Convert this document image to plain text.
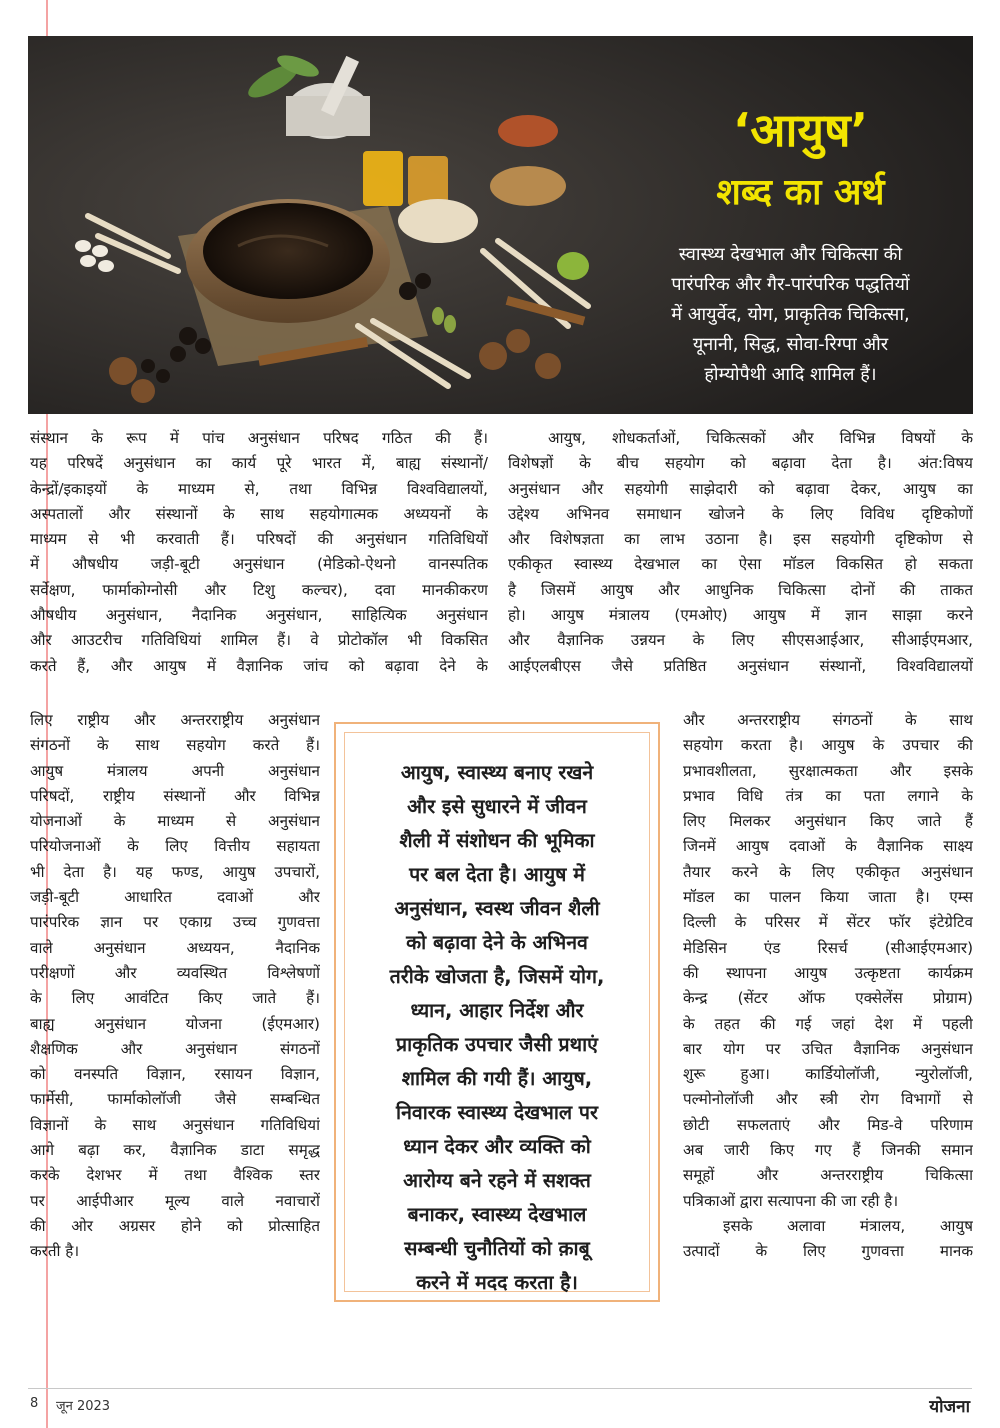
‘आयुष’
शब्द का अर्थ
स्वास्थ्य देखभाल और चिकित्सा की
पारंपरिक और गैर-पारंपरिक पद्धतियों
में आयुर्वेद, योग, प्राकृतिक चिकित्सा,
यूनानी, सिद्ध, सोवा-रिग्पा और
होम्योपैथी आदि शामिल हैं।
संस्थान के रूप में पांच अनुसंधान परिषद गठित की हैं।
यह परिषदें अनुसंधान का कार्य पूरे भारत में, बाह्य संस्थानों/
केन्द्रों/इकाइयों के माध्यम से, तथा विभिन्न विश्वविद्यालयों,
अस्पतालों और संस्थानों के साथ सहयोगात्मक अध्ययनों के
माध्यम से भी करवाती हैं। परिषदों की अनुसंधान गतिविधियों
में औषधीय जड़ी-बूटी अनुसंधान (मेडिको-ऐथनो वानस्पतिक
सर्वेक्षण, फार्माकोग्नोसी और टिशु कल्चर), दवा मानकीकरण
औषधीय अनुसंधान, नैदानिक अनुसंधान, साहित्यिक अनुसंधान
और आउटरीच गतिविधियां शामिल हैं। वे प्रोटोकॉल भी विकसित
करते हैं, और आयुष में वैज्ञानिक जांच को बढ़ावा देने के
लिए राष्ट्रीय और अन्तरराष्ट्रीय अनुसंधान
संगठनों के साथ सहयोग करते हैं।
आयुष मंत्रालय अपनी अनुसंधान
परिषदों, राष्ट्रीय संस्थानों और विभिन्न
योजनाओं के माध्यम से अनुसंधान
परियोजनाओं के लिए वित्तीय सहायता
भी देता है। यह फण्ड, आयुष उपचारों,
जड़ी-बूटी आधारित दवाओं और
पारंपरिक ज्ञान पर एकाग्र उच्च गुणवत्ता
वाले अनुसंधान अध्ययन, नैदानिक
परीक्षणों और व्यवस्थित विश्लेषणों
के लिए आवंटित किए जाते हैं।
बाह्य अनुसंधान योजना (ईएमआर)
शैक्षणिक और अनुसंधान संगठनों
को वनस्पति विज्ञान, रसायन विज्ञान,
फार्मेसी, फार्माकोलॉजी जैसे सम्बन्धित
विज्ञानों के साथ अनुसंधान गतिविधियां
आगे बढ़ा कर, वैज्ञानिक डाटा समृद्ध
करके देशभर में तथा वैश्विक स्तर
पर आईपीआर मूल्य वाले नवाचारों
की ओर अग्रसर होने को प्रोत्साहित
करती है।
आयुष, शोधकर्ताओं, चिकित्सकों और विभिन्न विषयों के
विशेषज्ञों के बीच सहयोग को बढ़ावा देता है। अंत:विषय
अनुसंधान और सहयोगी साझेदारी को बढ़ावा देकर, आयुष का
उद्देश्य अभिनव समाधान खोजने के लिए विविध दृष्टिकोणों
और विशेषज्ञता का लाभ उठाना है। इस सहयोगी दृष्टिकोण से
एकीकृत स्वास्थ्य देखभाल का ऐसा मॉडल विकसित हो सकता
है जिसमें आयुष और आधुनिक चिकित्सा दोनों की ताकत
हो। आयुष मंत्रालय (एमओए) आयुष में ज्ञान साझा करने
और वैज्ञानिक उन्नयन के लिए सीएसआईआर, सीआईएमआर,
आईएलबीएस जैसे प्रतिष्ठित अनुसंधान संस्थानों, विश्वविद्यालयों
और अन्तरराष्ट्रीय संगठनों के साथ
सहयोग करता है। आयुष के उपचार की
प्रभावशीलता, सुरक्षात्मकता और इसके
प्रभाव विधि तंत्र का पता लगाने के
लिए मिलकर अनुसंधान किए जाते हैं
जिनमें आयुष दवाओं के वैज्ञानिक साक्ष्य
तैयार करने के लिए एकीकृत अनुसंधान
मॉडल का पालन किया जाता है। एम्स
दिल्ली के परिसर में सेंटर फॉर इंटेग्रेटिव
मेडिसिन एंड रिसर्च (सीआईएमआर)
की स्थापना आयुष उत्कृष्टता कार्यक्रम
केन्द्र (सेंटर ऑफ एक्सेलेंस प्रोग्राम)
के तहत की गई जहां देश में पहली
बार योग पर उचित वैज्ञानिक अनुसंधान
शुरू हुआ। कार्डियोलॉजी, न्युरोलॉजी,
पल्मोनोलॉजी और स्त्री रोग विभागों से
छोटी सफलताएं और मिड-वे परिणाम
अब जारी किए गए हैं जिनकी समान
समूहों और अन्तरराष्ट्रीय चिकित्सा
पत्रिकाओं द्वारा सत्यापना की जा रही है।
इसके अलावा मंत्रालय, आयुष
उत्पादों के लिए गुणवत्ता मानक
आयुष, स्वास्थ्य बनाए रखने
और इसे सुधारने में जीवन
शैली में संशोधन की भूमिका
पर बल देता है। आयुष में
अनुसंधान, स्वस्थ जीवन शैली
को बढ़ावा देने के अभिनव
तरीके खोजता है, जिसमें योग,
ध्यान, आहार निर्देश और
प्राकृतिक उपचार जैसी प्रथाएं
शामिल की गयी हैं। आयुष,
निवारक स्वास्थ्य देखभाल पर
ध्यान देकर और व्यक्ति को
आरोग्य बने रहने में सशक्त
बनाकर, स्वास्थ्य देखभाल
सम्बन्धी चुनौतियों को क़ाबू
करने में मदद करता है।
8 जून 2023	योजना
